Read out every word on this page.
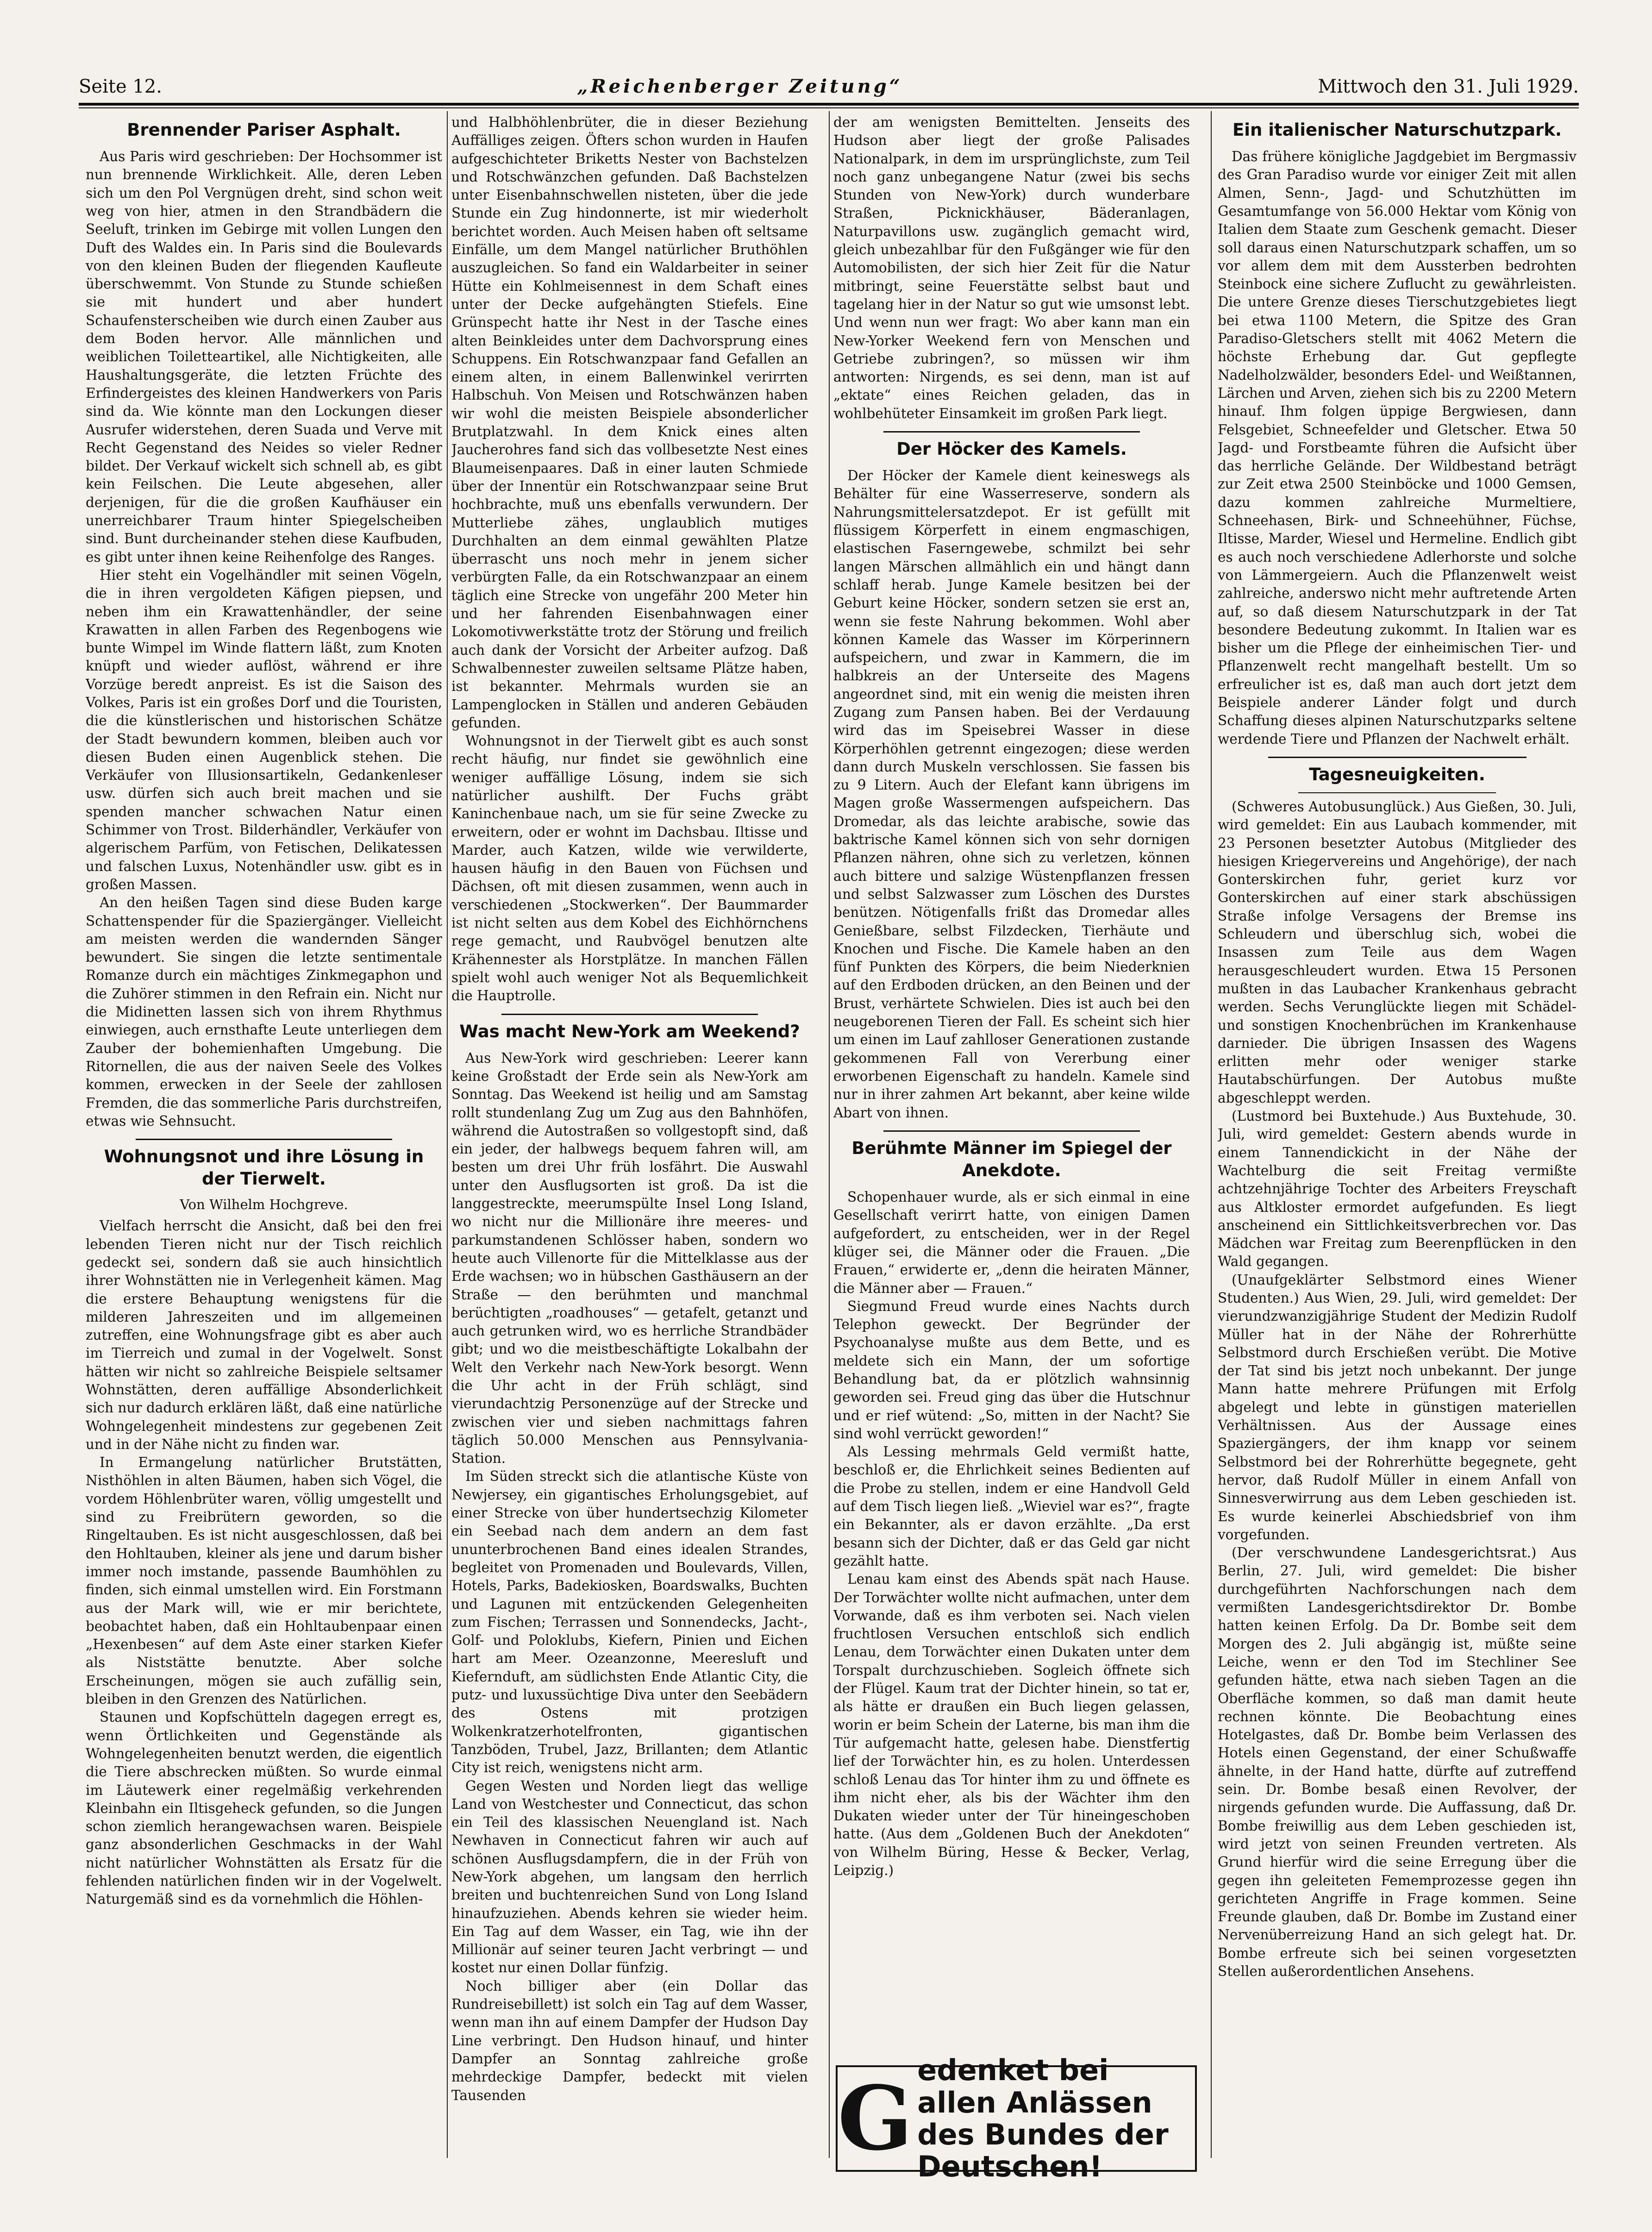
Seite 12.	„Reichenberger Zeitung“	Mittwoch den 31. Juli 1929.
Brennender Pariser Asphalt.

Aus Paris wird geschrieben: Der Hochsommer ist nun brennende Wirklichkeit. Alle, deren Leben sich um den Pol Vergnügen dreht, sind schon weit weg von hier, atmen in den Strandbädern die Seeluft, trinken im Gebirge mit vollen Lungen den Duft des Waldes ein. In Paris sind die Boulevards von den kleinen Buden der fliegenden Kaufleute überschwemmt. Von Stunde zu Stunde schießen sie mit hundert und aber hundert Schaufensterscheiben wie durch einen Zauber aus dem Boden hervor. Alle männlichen und weiblichen Toiletteartikel, alle Nichtigkeiten, alle Haushaltungsgeräte, die letzten Früchte des Erfindergeistes des kleinen Handwerkers von Paris sind da. Wie könnte man den Lockungen dieser Ausrufer widerstehen, deren Suada und Verve mit Recht Gegenstand des Neides so vieler Redner bildet. Der Verkauf wickelt sich schnell ab, es gibt kein Feilschen. Die Leute abgesehen, aller derjenigen, für die die großen Kaufhäuser ein unerreichbarer Traum hinter Spiegelscheiben sind. Bunt durcheinander stehen diese Kaufbuden, es gibt unter ihnen keine Reihenfolge des Ranges.

Hier steht ein Vogelhändler mit seinen Vögeln, die in ihren vergoldeten Käfigen piepsen, und neben ihm ein Krawattenhändler, der seine Krawatten in allen Farben des Regenbogens wie bunte Wimpel im Winde flattern läßt, zum Knoten knüpft und wieder auflöst, während er ihre Vorzüge beredt anpreist. Es ist die Saison des Volkes, Paris ist ein großes Dorf und die Touristen, die die künstlerischen und historischen Schätze der Stadt bewundern kommen, bleiben auch vor diesen Buden einen Augenblick stehen. Die Verkäufer von Illusionsartikeln, Gedankenleser usw. dürfen sich auch breit machen und sie spenden mancher schwachen Natur einen Schimmer von Trost. Bilderhändler, Verkäufer von algerischem Parfüm, von Fetischen, Delikatessen und falschen Luxus, Notenhändler usw. gibt es in großen Massen.

An den heißen Tagen sind diese Buden karge Schattenspender für die Spaziergänger. Vielleicht am meisten werden die wandernden Sänger bewundert. Sie singen die letzte sentimentale Romanze durch ein mächtiges Zinkmegaphon und die Zuhörer stimmen in den Refrain ein. Nicht nur die Midinetten lassen sich von ihrem Rhythmus einwiegen, auch ernsthafte Leute unterliegen dem Zauber der bohemienhaften Umgebung. Die Ritornellen, die aus der naiven Seele des Volkes kommen, erwecken in der Seele der zahllosen Fremden, die das sommerliche Paris durchstreifen, etwas wie Sehnsucht.

Wohnungsnot und ihre Lösung in der Tierwelt.
Von Wilhelm Hochgreve.

Vielfach herrscht die Ansicht, daß bei den frei lebenden Tieren nicht nur der Tisch reichlich gedeckt sei, sondern daß sie auch hinsichtlich ihrer Wohnstätten nie in Verlegenheit kämen. Mag die erstere Behauptung wenigstens für die milderen Jahreszeiten und im allgemeinen zutreffen, eine Wohnungsfrage gibt es aber auch im Tierreich und zumal in der Vogelwelt. Sonst hätten wir nicht so zahlreiche Beispiele seltsamer Wohnstätten, deren auffällige Absonderlichkeit sich nur dadurch erklären läßt, daß eine natürliche Wohngelegenheit mindestens zur gegebenen Zeit und in der Nähe nicht zu finden war.

In Ermangelung natürlicher Brutstätten, Nisthöhlen in alten Bäumen, haben sich Vögel, die vordem Höhlenbrüter waren, völlig umgestellt und sind zu Freibrütern geworden, so die Ringeltauben. Es ist nicht ausgeschlossen, daß bei den Hohltauben, kleiner als jene und darum bisher immer noch imstande, passende Baumhöhlen zu finden, sich einmal umstellen wird. Ein Forstmann aus der Mark will, wie er mir berichtete, beobachtet haben, daß ein Hohltaubenpaar einen „Hexenbesen“ auf dem Aste einer starken Kiefer als Niststätte benutzte. Aber solche Erscheinungen, mögen sie auch zufällig sein, bleiben in den Grenzen des Natürlichen.

Staunen und Kopfschütteln dagegen erregt es, wenn Örtlichkeiten und Gegenstände als Wohngelegenheiten benutzt werden, die eigentlich die Tiere abschrecken müßten. So wurde einmal im Läutewerk einer regelmäßig verkehrenden Kleinbahn ein Iltisgeheck gefunden, so die Jungen schon ziemlich herangewachsen waren. Beispiele ganz absonderlichen Geschmacks in der Wahl nicht natürlicher Wohnstätten als Ersatz für die fehlenden natürlichen finden wir in der Vogelwelt. Naturgemäß sind es da vornehmlich die Höhlen-

und Halbhöhlenbrüter, die in dieser Beziehung Auffälliges zeigen. Öfters schon wurden in Haufen aufgeschichteter Briketts Nester von Bachstelzen und Rotschwänzchen gefunden. Daß Bachstelzen unter Eisenbahnschwellen nisteten, über die jede Stunde ein Zug hindonnerte, ist mir wiederholt berichtet worden. Auch Meisen haben oft seltsame Einfälle, um dem Mangel natürlicher Bruthöhlen auszugleichen. So fand ein Waldarbeiter in seiner Hütte ein Kohlmeisennest in dem Schaft eines unter der Decke aufgehängten Stiefels. Eine Grünspecht hatte ihr Nest in der Tasche eines alten Beinkleides unter dem Dachvorsprung eines Schuppens. Ein Rotschwanzpaar fand Gefallen an einem alten, in einem Ballenwinkel verirrten Halbschuh. Von Meisen und Rotschwänzen haben wir wohl die meisten Beispiele absonderlicher Brutplatzwahl. In dem Knick eines alten Jaucherohres fand sich das vollbesetzte Nest eines Blaumeisenpaares. Daß in einer lauten Schmiede über der Innentür ein Rotschwanzpaar seine Brut hochbrachte, muß uns ebenfalls verwundern. Der Mutterliebe zähes, unglaublich mutiges Durchhalten an dem einmal gewählten Platze überrascht uns noch mehr in jenem sicher verbürgten Falle, da ein Rotschwanzpaar an einem täglich eine Strecke von ungefähr 200 Meter hin und her fahrenden Eisenbahnwagen einer Lokomotivwerkstätte trotz der Störung und freilich auch dank der Vorsicht der Arbeiter aufzog. Daß Schwalbennester zuweilen seltsame Plätze haben, ist bekannter. Mehrmals wurden sie an Lampenglocken in Ställen und anderen Gebäuden gefunden.

Wohnungsnot in der Tierwelt gibt es auch sonst recht häufig, nur findet sie gewöhnlich eine weniger auffällige Lösung, indem sie sich natürlicher aushilft. Der Fuchs gräbt Kaninchenbaue nach, um sie für seine Zwecke zu erweitern, oder er wohnt im Dachsbau. Iltisse und Marder, auch Katzen, wilde wie verwilderte, hausen häufig in den Bauen von Füchsen und Dächsen, oft mit diesen zusammen, wenn auch in verschiedenen „Stockwerken“. Der Baummarder ist nicht selten aus dem Kobel des Eichhörnchens rege gemacht, und Raubvögel benutzen alte Krähennester als Horstplätze. In manchen Fällen spielt wohl auch weniger Not als Bequemlichkeit die Hauptrolle.

Was macht New-York am Weekend?

Aus New-York wird geschrieben: Leerer kann keine Großstadt der Erde sein als New-York am Sonntag. Das Weekend ist heilig und am Samstag rollt stundenlang Zug um Zug aus den Bahnhöfen, während die Autostraßen so vollgestopft sind, daß ein jeder, der halbwegs bequem fahren will, am besten um drei Uhr früh losfährt. Die Auswahl unter den Ausflugsorten ist groß. Da ist die langgestreckte, meerumspülte Insel Long Island, wo nicht nur die Millionäre ihre meeres- und parkumstandenen Schlösser haben, sondern wo heute auch Villenorte für die Mittelklasse aus der Erde wachsen; wo in hübschen Gasthäusern an der Straße — den berühmten und manchmal berüchtigten „roadhouses“ — getafelt, getanzt und auch getrunken wird, wo es herrliche Strandbäder gibt; und wo die meistbeschäftigte Lokalbahn der Welt den Verkehr nach New-York besorgt. Wenn die Uhr acht in der Früh schlägt, sind vierundachtzig Personenzüge auf der Strecke und zwischen vier und sieben nachmittags fahren täglich 50.000 Menschen aus Pennsylvania-Station.

Im Süden streckt sich die atlantische Küste von Newjersey, ein gigantisches Erholungsgebiet, auf einer Strecke von über hundertsechzig Kilometer ein Seebad nach dem andern an dem fast ununterbrochenen Band eines idealen Strandes, begleitet von Promenaden und Boulevards, Villen, Hotels, Parks, Badekiosken, Boardswalks, Buchten und Lagunen mit entzückenden Gelegenheiten zum Fischen; Terrassen und Sonnendecks, Jacht-, Golf- und Poloklubs, Kiefern, Pinien und Eichen hart am Meer. Ozeanzonne, Meeresluft und Kiefernduft, am südlichsten Ende Atlantic City, die putz- und luxussüchtige Diva unter den Seebädern des Ostens mit protzigen Wolkenkratzerhotelfronten, gigantischen Tanzböden, Trubel, Jazz, Brillanten; dem Atlantic City ist reich, wenigstens nicht arm.

Gegen Westen und Norden liegt das wellige Land von Westchester und Connecticut, das schon ein Teil des klassischen Neuengland ist. Nach Newhaven in Connecticut fahren wir auch auf schönen Ausflugsdampfern, die in der Früh von New-York abgehen, um langsam den herrlich breiten und buchtenreichen Sund von Long Island hinaufzuziehen. Abends kehren sie wieder heim. Ein Tag auf dem Wasser, ein Tag, wie ihn der Millionär auf seiner teuren Jacht verbringt — und kostet nur einen Dollar fünfzig.

Noch billiger aber (ein Dollar das Rundreisebillett) ist solch ein Tag auf dem Wasser, wenn man ihn auf einem Dampfer der Hudson Day Line verbringt. Den Hudson hinauf, und hinter Dampfer an Sonntag zahlreiche große mehrdeckige Dampfer, bedeckt mit vielen Tausenden

der am wenigsten Bemittelten. Jenseits des Hudson aber liegt der große Palisades Nationalpark, in dem im ursprünglichste, zum Teil noch ganz unbegangene Natur (zwei bis sechs Stunden von New-York) durch wunderbare Straßen, Picknickhäuser, Bäderanlagen, Naturpavillons usw. zugänglich gemacht wird, gleich unbezahlbar für den Fußgänger wie für den Automobilisten, der sich hier Zeit für die Natur mitbringt, seine Feuerstätte selbst baut und tagelang hier in der Natur so gut wie umsonst lebt. Und wenn nun wer fragt: Wo aber kann man ein New-Yorker Weekend fern von Menschen und Getriebe zubringen?, so müssen wir ihm antworten: Nirgends, es sei denn, man ist auf „ektate“ eines Reichen geladen, das in wohlbehüteter Einsamkeit im großen Park liegt.

Der Höcker des Kamels.

Der Höcker der Kamele dient keineswegs als Behälter für eine Wasserreserve, sondern als Nahrungsmittelersatzdepot. Er ist gefüllt mit flüssigem Körperfett in einem engmaschigen, elastischen Faserngewebe, schmilzt bei sehr langen Märschen allmählich ein und hängt dann schlaff herab. Junge Kamele besitzen bei der Geburt keine Höcker, sondern setzen sie erst an, wenn sie feste Nahrung bekommen. Wohl aber können Kamele das Wasser im Körperinnern aufspeichern, und zwar in Kammern, die im halbkreis an der Unterseite des Magens angeordnet sind, mit ein wenig die meisten ihren Zugang zum Pansen haben. Bei der Verdauung wird das im Speisebrei Wasser in diese Körperhöhlen getrennt eingezogen; diese werden dann durch Muskeln verschlossen. Sie fassen bis zu 9 Litern. Auch der Elefant kann übrigens im Magen große Wassermengen aufspeichern. Das Dromedar, als das leichte arabische, sowie das baktrische Kamel können sich von sehr dornigen Pflanzen nähren, ohne sich zu verletzen, können auch bittere und salzige Wüstenpflanzen fressen und selbst Salzwasser zum Löschen des Durstes benützen. Nötigenfalls frißt das Dromedar alles Genießbare, selbst Filzdecken, Tierhäute und Knochen und Fische. Die Kamele haben an den fünf Punkten des Körpers, die beim Niederknien auf den Erdboden drücken, an den Beinen und der Brust, verhärtete Schwielen. Dies ist auch bei den neugeborenen Tieren der Fall. Es scheint sich hier um einen im Lauf zahlloser Generationen zustande gekommenen Fall von Vererbung einer erworbenen Eigenschaft zu handeln. Kamele sind nur in ihrer zahmen Art bekannt, aber keine wilde Abart von ihnen.

Berühmte Männer im Spiegel der Anekdote.

Schopenhauer wurde, als er sich einmal in eine Gesellschaft verirrt hatte, von einigen Damen aufgefordert, zu entscheiden, wer in der Regel klüger sei, die Männer oder die Frauen. „Die Frauen,“ erwiderte er, „denn die heiraten Männer, die Männer aber — Frauen.“

Siegmund Freud wurde eines Nachts durch Telephon geweckt. Der Begründer der Psychoanalyse mußte aus dem Bette, und es meldete sich ein Mann, der um sofortige Behandlung bat, da er plötzlich wahnsinnig geworden sei. Freud ging das über die Hutschnur und er rief wütend: „So, mitten in der Nacht? Sie sind wohl verrückt geworden!“

Als Lessing mehrmals Geld vermißt hatte, beschloß er, die Ehrlichkeit seines Bedienten auf die Probe zu stellen, indem er eine Handvoll Geld auf dem Tisch liegen ließ. „Wieviel war es?“, fragte ein Bekannter, als er davon erzählte. „Da erst besann sich der Dichter, daß er das Geld gar nicht gezählt hatte.

Lenau kam einst des Abends spät nach Hause. Der Torwächter wollte nicht aufmachen, unter dem Vorwande, daß es ihm verboten sei. Nach vielen fruchtlosen Versuchen entschloß sich endlich Lenau, dem Torwächter einen Dukaten unter dem Torspalt durchzuschieben. Sogleich öffnete sich der Flügel. Kaum trat der Dichter hinein, so tat er, als hätte er draußen ein Buch liegen gelassen, worin er beim Schein der Laterne, bis man ihm die Tür aufgemacht hatte, gelesen habe. Dienstfertig lief der Torwächter hin, es zu holen. Unterdessen schloß Lenau das Tor hinter ihm zu und öffnete es ihm nicht eher, als bis der Wächter ihm den Dukaten wieder unter der Tür hineingeschoben hatte. (Aus dem „Goldenen Buch der Anekdoten“ von Wilhelm Büring, Hesse & Becker, Verlag, Leipzig.)

G edenket bei allen Anlässen
des Bundes der Deutschen!
Ein italienischer Naturschutzpark.

Das frühere königliche Jagdgebiet im Bergmassiv des Gran Paradiso wurde vor einiger Zeit mit allen Almen, Senn-, Jagd- und Schutzhütten im Gesamtumfange von 56.000 Hektar vom König von Italien dem Staate zum Geschenk gemacht. Dieser soll daraus einen Naturschutzpark schaffen, um so vor allem dem mit dem Aussterben bedrohten Steinbock eine sichere Zuflucht zu gewährleisten. Die untere Grenze dieses Tierschutzgebietes liegt bei etwa 1100 Metern, die Spitze des Gran Paradiso-Gletschers stellt mit 4062 Metern die höchste Erhebung dar. Gut gepflegte Nadelholzwälder, besonders Edel- und Weißtannen, Lärchen und Arven, ziehen sich bis zu 2200 Metern hinauf. Ihm folgen üppige Bergwiesen, dann Felsgebiet, Schneefelder und Gletscher. Etwa 50 Jagd- und Forstbeamte führen die Aufsicht über das herrliche Gelände. Der Wildbestand beträgt zur Zeit etwa 2500 Steinböcke und 1000 Gemsen, dazu kommen zahlreiche Murmeltiere, Schneehasen, Birk- und Schneehühner, Füchse, Iltisse, Marder, Wiesel und Hermeline. Endlich gibt es auch noch verschiedene Adlerhorste und solche von Lämmergeiern. Auch die Pflanzenwelt weist zahlreiche, anderswo nicht mehr auftretende Arten auf, so daß diesem Naturschutzpark in der Tat besondere Bedeutung zukommt. In Italien war es bisher um die Pflege der einheimischen Tier- und Pflanzenwelt recht mangelhaft bestellt. Um so erfreulicher ist es, daß man auch dort jetzt dem Beispiele anderer Länder folgt und durch Schaffung dieses alpinen Naturschutzparks seltene werdende Tiere und Pflanzen der Nachwelt erhält.

Tagesneuigkeiten.

(Schweres Autobusunglück.) Aus Gießen, 30. Juli, wird gemeldet: Ein aus Laubach kommender, mit 23 Personen besetzter Autobus (Mitglieder des hiesigen Kriegervereins und Angehörige), der nach Gonterskirchen fuhr, geriet kurz vor Gonterskirchen auf einer stark abschüssigen Straße infolge Versagens der Bremse ins Schleudern und überschlug sich, wobei die Insassen zum Teile aus dem Wagen herausgeschleudert wurden. Etwa 15 Personen mußten in das Laubacher Krankenhaus gebracht werden. Sechs Verunglückte liegen mit Schädel- und sonstigen Knochenbrüchen im Krankenhause darnieder. Die übrigen Insassen des Wagens erlitten mehr oder weniger starke Hautabschürfungen. Der Autobus mußte abgeschleppt werden.

(Lustmord bei Buxtehude.) Aus Buxtehude, 30. Juli, wird gemeldet: Gestern abends wurde in einem Tannendickicht in der Nähe der Wachtelburg die seit Freitag vermißte achtzehnjährige Tochter des Arbeiters Freyschaft aus Altkloster ermordet aufgefunden. Es liegt anscheinend ein Sittlichkeitsverbrechen vor. Das Mädchen war Freitag zum Beerenpflücken in den Wald gegangen.

(Unaufgeklärter Selbstmord eines Wiener Studenten.) Aus Wien, 29. Juli, wird gemeldet: Der vierundzwanzigjährige Student der Medizin Rudolf Müller hat in der Nähe der Rohrerhütte Selbstmord durch Erschießen verübt. Die Motive der Tat sind bis jetzt noch unbekannt. Der junge Mann hatte mehrere Prüfungen mit Erfolg abgelegt und lebte in günstigen materiellen Verhältnissen. Aus der Aussage eines Spaziergängers, der ihm knapp vor seinem Selbstmord bei der Rohrerhütte begegnete, geht hervor, daß Rudolf Müller in einem Anfall von Sinnesverwirrung aus dem Leben geschieden ist. Es wurde keinerlei Abschiedsbrief von ihm vorgefunden.

(Der verschwundene Landesgerichtsrat.) Aus Berlin, 27. Juli, wird gemeldet: Die bisher durchgeführten Nachforschungen nach dem vermißten Landesgerichtsdirektor Dr. Bombe hatten keinen Erfolg. Da Dr. Bombe seit dem Morgen des 2. Juli abgängig ist, müßte seine Leiche, wenn er den Tod im Stechliner See gefunden hätte, etwa nach sieben Tagen an die Oberfläche kommen, so daß man damit heute rechnen könnte. Die Beobachtung eines Hotelgastes, daß Dr. Bombe beim Verlassen des Hotels einen Gegenstand, der einer Schußwaffe ähnelte, in der Hand hatte, dürfte auf zutreffend sein. Dr. Bombe besaß einen Revolver, der nirgends gefunden wurde. Die Auffassung, daß Dr. Bombe freiwillig aus dem Leben geschieden ist, wird jetzt von seinen Freunden vertreten. Als Grund hierfür wird die seine Erregung über die gegen ihn geleiteten Fememprozesse gegen ihn gerichteten Angriffe in Frage kommen. Seine Freunde glauben, daß Dr. Bombe im Zustand einer Nervenüberreizung Hand an sich gelegt hat. Dr. Bombe erfreute sich bei seinen vorgesetzten Stellen außerordentlichen Ansehens.
